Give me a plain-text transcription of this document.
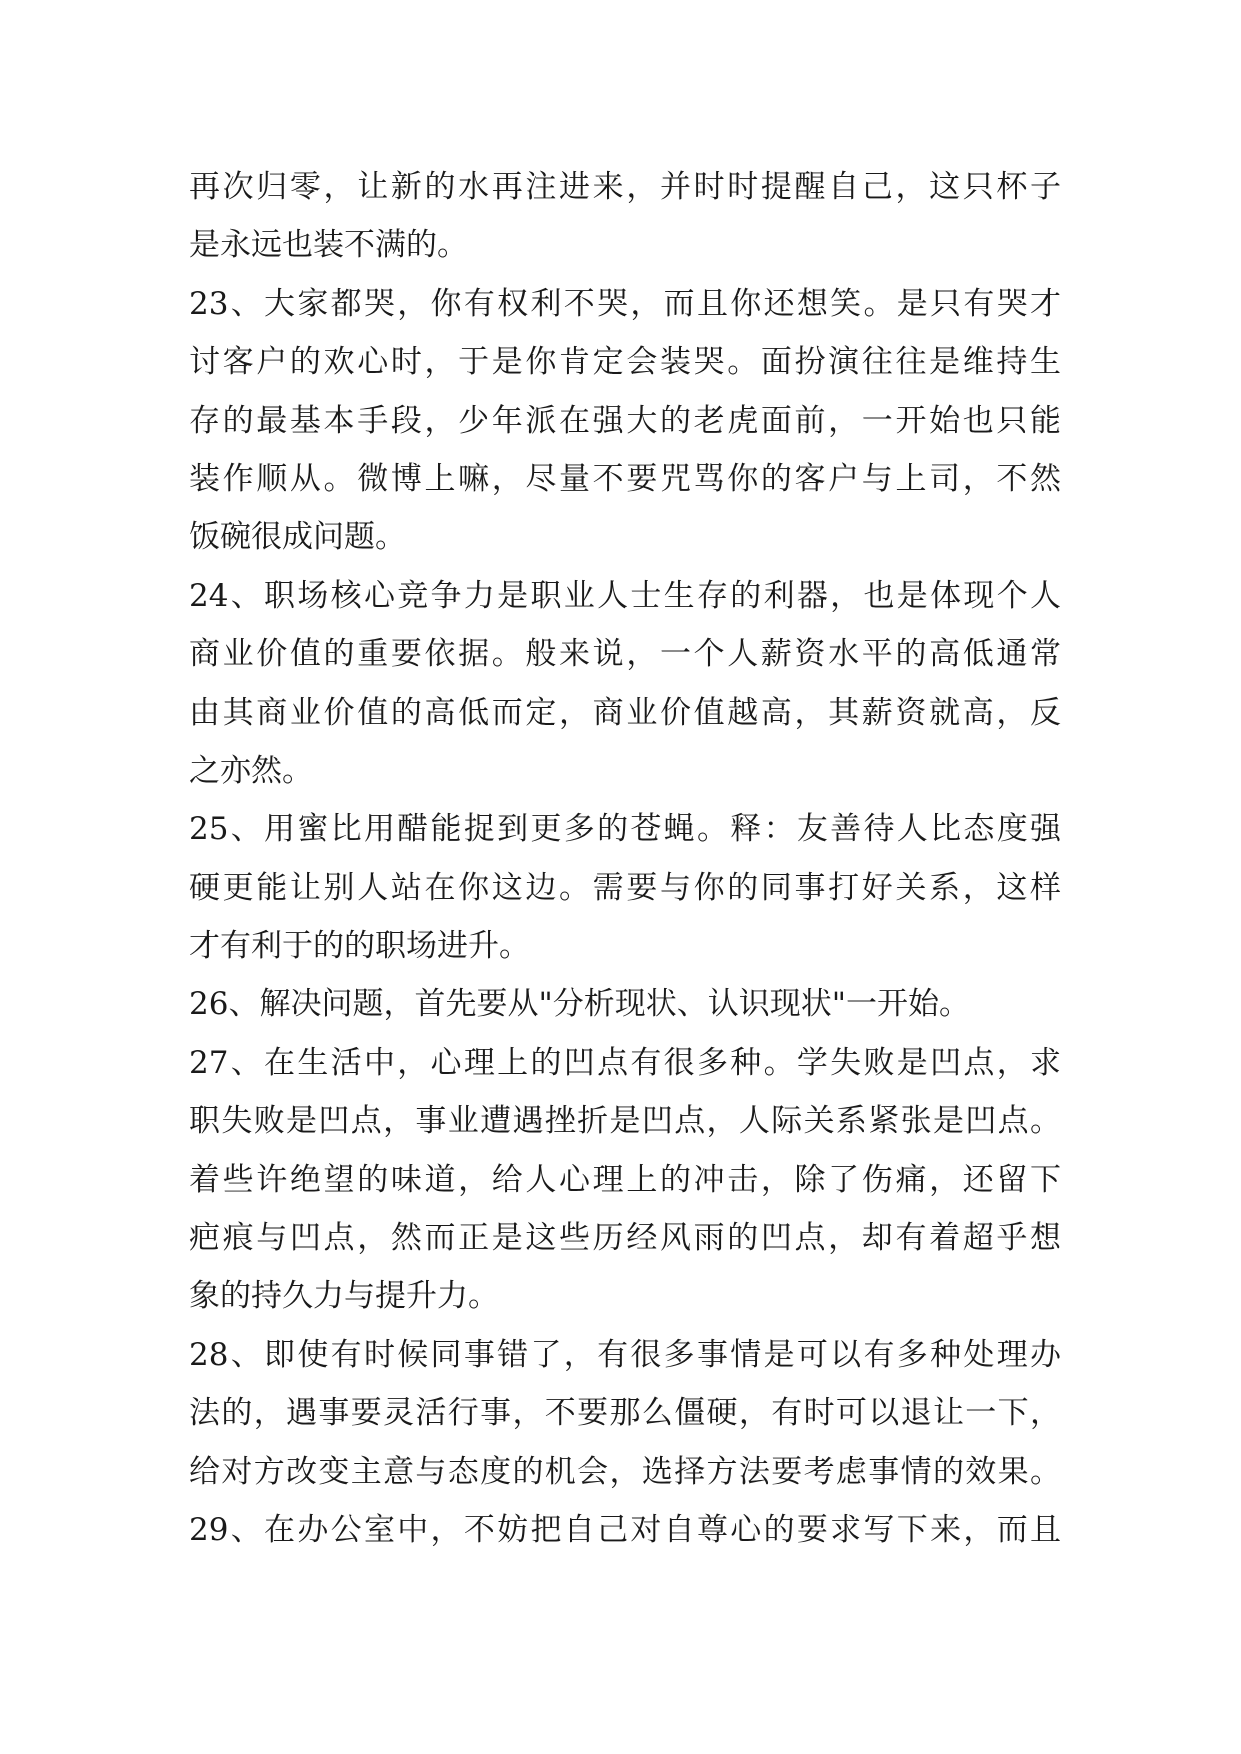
再次归零，让新的水再注进来，并时时提醒自己，这只杯子
是永远也装不满的。
23、大家都哭，你有权利不哭，而且你还想笑。是只有哭才
讨客户的欢心时，于是你肯定会装哭。面扮演往往是维持生
存的最基本手段，少年派在强大的老虎面前，一开始也只能
装作顺从。微博上嘛，尽量不要咒骂你的客户与上司，不然
饭碗很成问题。
24、职场核心竞争力是职业人士生存的利器，也是体现个人
商业价值的重要依据。般来说，一个人薪资水平的高低通常
由其商业价值的高低而定，商业价值越高，其薪资就高，反
之亦然。
25、用蜜比用醋能捉到更多的苍蝇。释：友善待人比态度强
硬更能让别人站在你这边。需要与你的同事打好关系，这样
才有利于的的职场进升。
26、解决问题，首先要从"分析现状、认识现状"一开始。
27、在生活中，心理上的凹点有很多种。学失败是凹点，求
职失败是凹点，事业遭遇挫折是凹点，人际关系紧张是凹点。
着些许绝望的味道，给人心理上的冲击，除了伤痛，还留下
疤痕与凹点，然而正是这些历经风雨的凹点，却有着超乎想
象的持久力与提升力。
28、即使有时候同事错了，有很多事情是可以有多种处理办
法的，遇事要灵活行事，不要那么僵硬，有时可以退让一下，
给对方改变主意与态度的机会，选择方法要考虑事情的效果。
29、在办公室中，不妨把自己对自尊心的要求写下来，而且
